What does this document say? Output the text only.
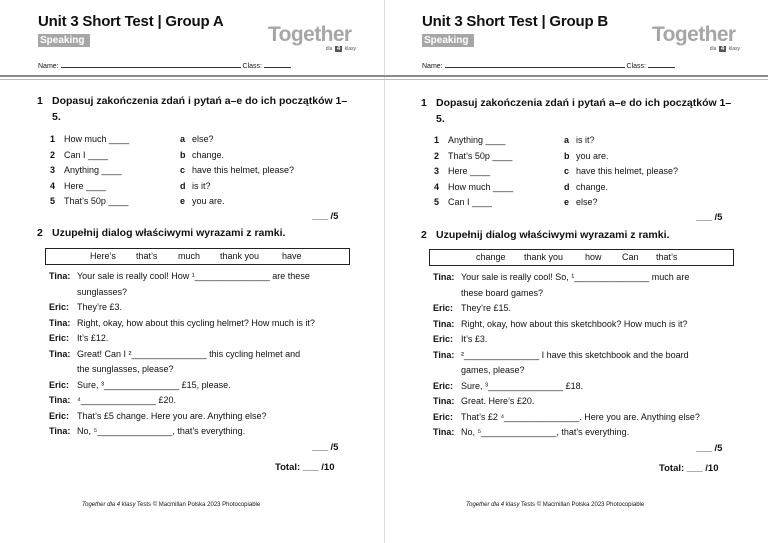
Unit 3 Short Test | Group A
Speaking	Together
dla 4 klasy
Name:	Class:
1 Dopasuj zakończenia zdań i pytań a–e do ich początków 1–5.
1 How much ____	a else?
2 Can I ____	b change.
3 Anything ____	c have this helmet, please?
4 Here ____	d is it?
5 That’s 50p ____	e you are.
___ /5
2 Uzupełnij dialog właściwymi wyrazami z ramki.
Here’s that’s much thank you	have
Tina: Your sale is really cool! How ¹_______________ are these
sunglasses?
Eric: They’re £3.
Tina: Right, okay, how about this cycling helmet? How much is it?
Eric: It’s £12.
Tina: Great! Can I ²_______________ this cycling helmet and
the sunglasses, please?
Eric: Sure, ³_______________ £15, please.
Tina: ⁴_______________ £20.
Eric: That’s £5 change. Here you are. Anything else?
Tina: No, ⁵_______________, that’s everything.
___ /5
Total: ___ /10
Together dla 4 klasy Tests © Macmillan Polska 2023 Photocopiable
Unit 3 Short Test | Group B
Speaking	Together
dla 4 klasy
Name:	Class:
1 Dopasuj zakończenia zdań i pytań a–e do ich początków 1–5.
1 Anything ____	a is it?
2 That’s 50p ____	b you are.
3 Here ____	c have this helmet, please?
4 How much ____	d change.
5 Can I ____	e else?
___ /5
2 Uzupełnij dialog właściwymi wyrazami z ramki.
change thank you how Can that’s
Tina: Your sale is really cool! So, ¹_______________ much are
these board games?
Eric: They’re £15.
Tina: Right, okay, how about this sketchbook? How much is it?
Eric: It’s £3.
Tina: ²_______________ I have this sketchbook and the board
games, please?
Eric: Sure, ³_______________ £18.
Tina: Great. Here’s £20.
Eric: That’s £2 ⁴_______________. Here you are. Anything else?
Tina: No, ⁵_______________, that’s everything.
___ /5
Total: ___ /10
Together dla 4 klasy Tests © Macmillan Polska 2023 Photocopiable
